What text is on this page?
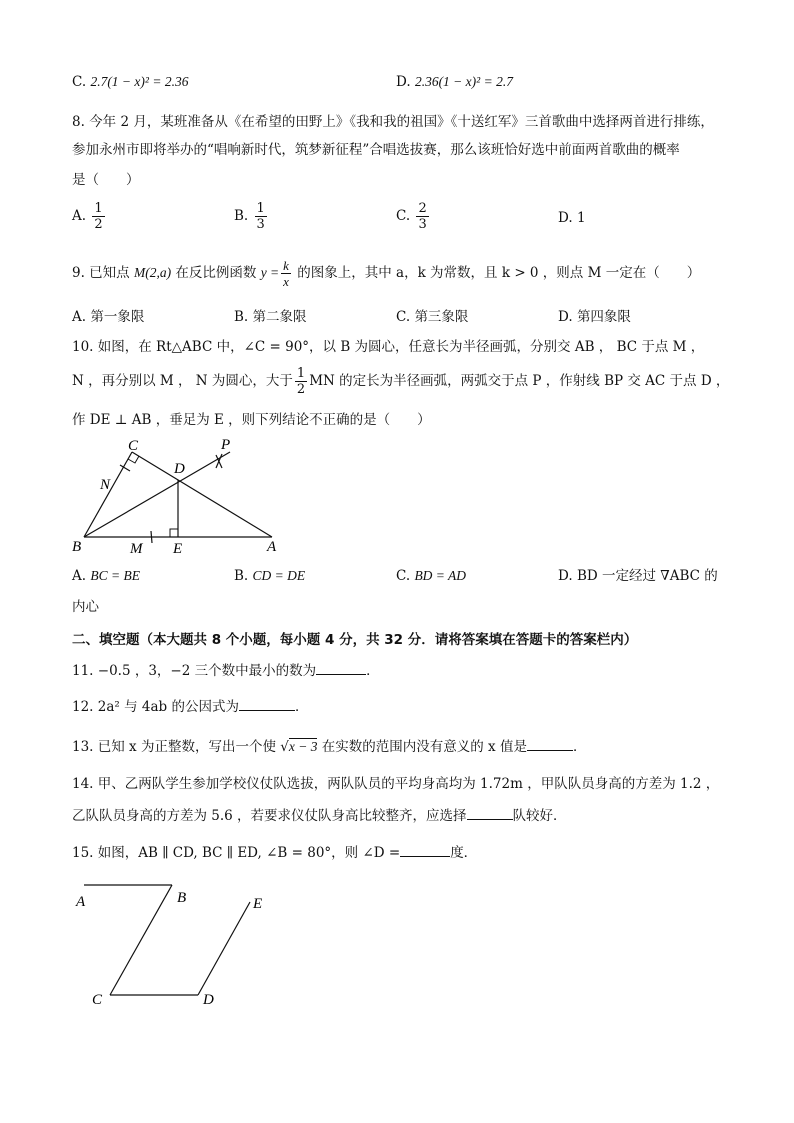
C. 2.7(1 − x)² = 2.36	D. 2.36(1 − x)² = 2.7
8. 今年 2 月，某班准备从《在希望的田野上》《我和我的祖国》《十送红军》三首歌曲中选择两首进行排练，
参加永州市即将举办的“唱响新时代，筑梦新征程”合唱选拔赛，那么该班恰好选中前面两首歌曲的概率
是（　　）
A. $\frac{1}{2}$	B. $\frac{1}{3}$	C. $\frac{2}{3}$	D. 1
9. 已知点 M(2,a) 在反比例函数 $y = \frac{k}{x}$ 的图象上，其中 a，k 为常数，且 k > 0 ，则点 M 一定在（　　）
A. 第一象限	B. 第二象限	C. 第三象限	D. 第四象限
10. 如图，在 Rt△ABC 中，∠C = 90°，以 B 为圆心，任意长为半径画弧，分别交 AB ， BC 于点 M ，
N ，再分别以 M ， N 为圆心，大于 $\frac{1}{2}$ MN 的定长为半径画弧，两弧交于点 P ，作射线 BP 交 AC 于点 D ，
作 DE ⊥ AB ，垂足为 E ，则下列结论不正确的是（　　）
C	P
D
N
B	M E	A
A. BC = BE	B. CD = DE	C. BD = AD	D. BD 一定经过 ∇ABC 的
内心
二、填空题（本大题共 8 个小题，每小题 4 分，共 32 分．请将答案填在答题卡的答案栏内）
11. −0.5 ，3，−2 三个数中最小的数为	．
12. 2a² 与 4ab 的公因式为	．
13. 已知 x 为正整数，写出一个使 √x − 3 在实数的范围内没有意义的 x 值是	．
14. 甲、乙两队学生参加学校仪仗队选拔，两队队员的平均身高均为 1.72m ，甲队队员身高的方差为 1.2 ，
乙队队员身高的方差为 5.6 ，若要求仪仗队身高比较整齐，应选择	队较好．
15. 如图，AB ∥ CD, BC ∥ ED, ∠B = 80°，则 ∠D =	度．
A	B	E
C	D
